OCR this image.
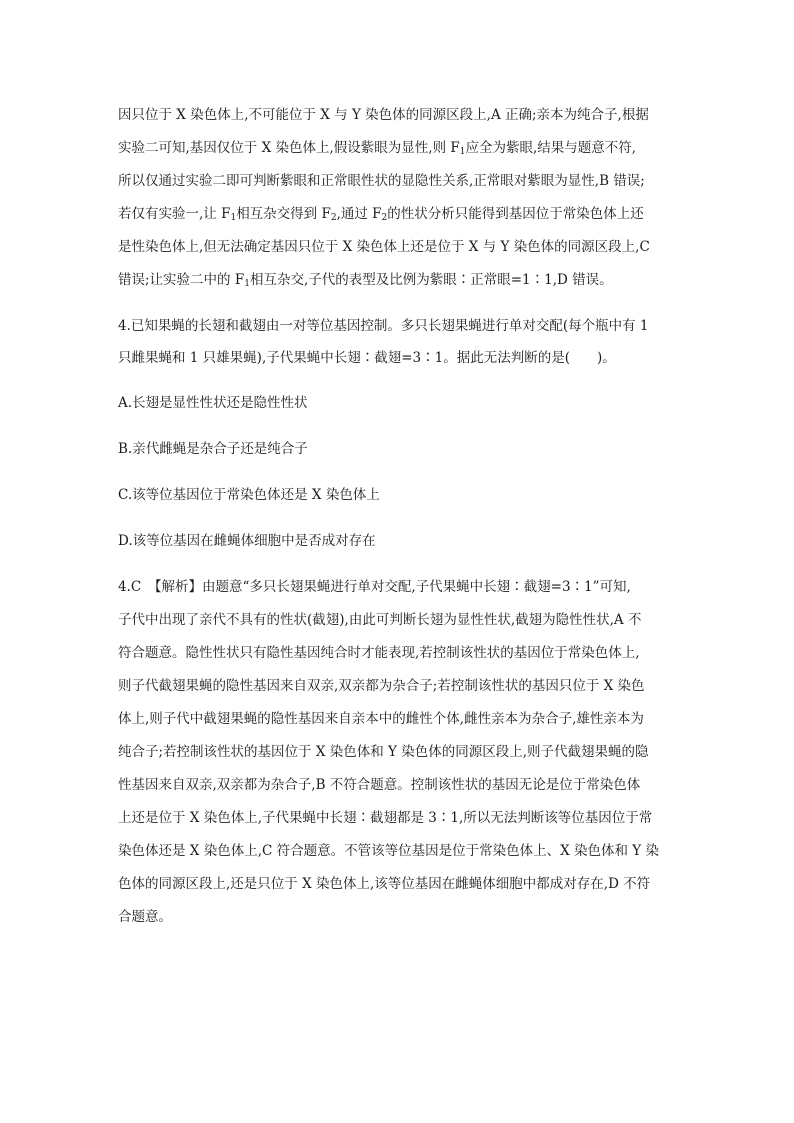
因只位于 X 染色体上,不可能位于 X 与 Y 染色体的同源区段上,A 正确;亲本为纯合子,根据
实验二可知,基因仅位于 X 染色体上,假设紫眼为显性,则 $F_1$应全为紫眼,结果与题意不符,
所以仅通过实验二即可判断紫眼和正常眼性状的显隐性关系,正常眼对紫眼为显性,B 错误;
若仅有实验一,让 $F_1$相互杂交得到 $F_2$,通过 $F_2$的性状分析只能得到基因位于常染色体上还
是性染色体上,但无法确定基因只位于 X 染色体上还是位于 X 与 Y 染色体的同源区段上,C
错误;让实验二中的 $F_1$相互杂交,子代的表型及比例为紫眼∶正常眼=1∶1,D 错误。
4.已知果蝇的长翅和截翅由一对等位基因控制。多只长翅果蝇进行单对交配(每个瓶中有 1
只雌果蝇和 1 只雄果蝇),子代果蝇中长翅∶截翅=3∶1。据此无法判断的是(　　)。
A.长翅是显性性状还是隐性性状
B.亲代雌蝇是杂合子还是纯合子
C.该等位基因位于常染色体还是 X 染色体上
D.该等位基因在雌蝇体细胞中是否成对存在
4.C　【解析】由题意“多只长翅果蝇进行单对交配,子代果蝇中长翅∶截翅=3∶1”可知,
子代中出现了亲代不具有的性状(截翅),由此可判断长翅为显性性状,截翅为隐性性状,A 不
符合题意。隐性性状只有隐性基因纯合时才能表现,若控制该性状的基因位于常染色体上,
则子代截翅果蝇的隐性基因来自双亲,双亲都为杂合子;若控制该性状的基因只位于 X 染色
体上,则子代中截翅果蝇的隐性基因来自亲本中的雌性个体,雌性亲本为杂合子,雄性亲本为
纯合子;若控制该性状的基因位于 X 染色体和 Y 染色体的同源区段上,则子代截翅果蝇的隐
性基因来自双亲,双亲都为杂合子,B 不符合题意。控制该性状的基因无论是位于常染色体
上还是位于 X 染色体上,子代果蝇中长翅∶截翅都是 3∶1,所以无法判断该等位基因位于常
染色体还是 X 染色体上,C 符合题意。不管该等位基因是位于常染色体上、X 染色体和 Y 染
色体的同源区段上,还是只位于 X 染色体上,该等位基因在雌蝇体细胞中都成对存在,D 不符
合题意。
